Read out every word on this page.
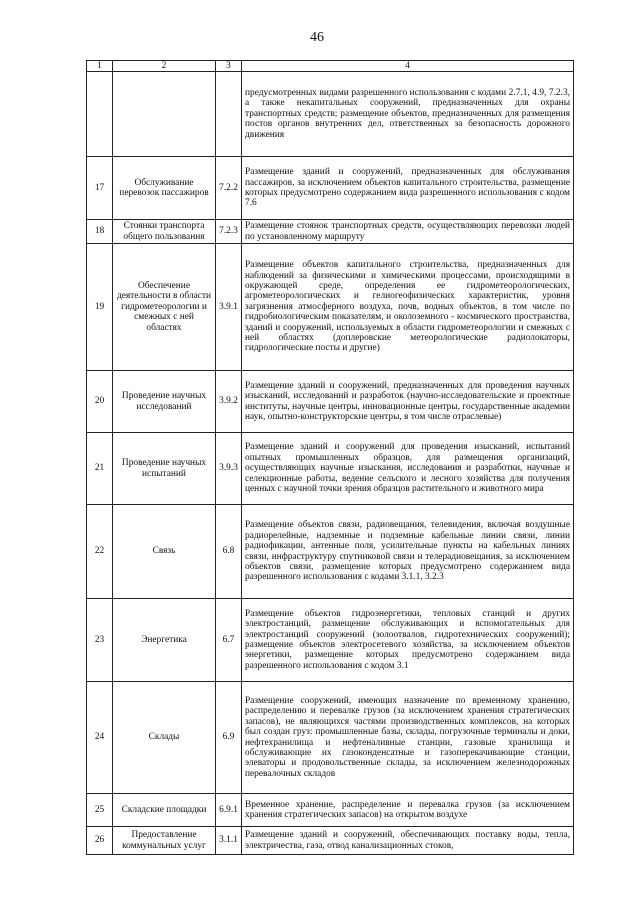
46
1	2	3	4

			предусмотренных видами разрешенного использования с кодами 2.7.1, 4.9, 7.2.3, а также некапитальных сооружений, предназначенных для охраны транспортных средств; размещение объектов, предназначенных для размещения постов органов внутренних дел, ответственных за безопасность дорожного движения

17	Обслуживание перевозок пассажиров	7.2.2	Размещение зданий и сооружений, предназначенных для обслуживания пассажиров, за исключением объектов капитального строительства, размещение которых предусмотрено содержанием вида разрешенного использования с кодом 7.6

18	Стоянки транспорта общего пользования	7.2.3	Размещение стоянок транспортных средств, осуществляющих перевозки людей по установленному маршруту

19	Обеспечение деятельности в области гидрометеорологии и смежных с ней областях	3.9.1	Размещение объектов капитального строительства, предназначенных для наблюдений за физическими и химическими процессами, происходящими в окружающей среде, определения ее гидрометеорологических, агрометеорологических и гелиогеофизических характеристик, уровня загрязнения атмосферного воздуха, почв, водных объектов, в том числе по гидробиологическим показателям, и околоземного - космического пространства, зданий и сооружений, используемых в области гидрометеорологии и смежных с ней областях (доплеровские метеорологические радиолокаторы, гидрологические посты и другие)

20	Проведение научных исследований	3.9.2	Размещение зданий и сооружений, предназначенных для проведения научных изысканий, исследований и разработок (научно-исследовательские и проектные институты, научные центры, инновационные центры, государственные академии наук, опытно-конструкторские центры, в том числе отраслевые)

21	Проведение научных испытаний	3.9.3	Размещение зданий и сооружений для проведения изысканий, испытаний опытных промышленных образцов, для размещения организаций, осуществляющих научные изыскания, исследования и разработки, научные и селекционные работы, ведение сельского и лесного хозяйства для получения ценных с научной точки зрения образцов растительного и животного мира

22	Связь	6.8	Размещение объектов связи, радиовещания, телевидения, включая воздушные радиорелейные, надземные и подземные кабельные линии связи, линии радиофикации, антенные поля, усилительные пункты на кабельных линиях связи, инфраструктуру спутниковой связи и телерадиовещания, за исключением объектов связи, размещение которых предусмотрено содержанием вида разрешенного использования с кодами 3.1.1, 3.2.3

23	Энергетика	6.7	Размещение объектов гидроэнергетики, тепловых станций и других электростанций, размещение обслуживающих и вспомогательных для электростанций сооружений (золоотвалов, гидротехнических сооружений); размещение объектов электросетевого хозяйства, за исключением объектов энергетики, размещение которых предусмотрено содержанием вида разрешенного использования с кодом 3.1

24	Склады	6.9	Размещение сооружений, имеющих назначение по временному хранению, распределению и перевалке грузов (за исключением хранения стратегических запасов), не являющихся частями производственных комплексов, на которых был создан груз: промышленные базы, склады, погрузочные терминалы и доки, нефтехранилища и нефтеналивные станции, газовые хранилища и обслуживающие их газоконденсатные и газоперекачивающие станции, элеваторы и продовольственные склады, за исключением железнодорожных перевалочных складов

25	Складские площадки	6.9.1	Временное хранение, распределение и перевалка грузов (за исключением хранения стратегических запасов) на открытом воздухе

26	Предоставление коммунальных услуг	3.1.1	Размещение зданий и сооружений, обеспечивающих поставку воды, тепла, электричества, газа, отвод канализационных стоков,
